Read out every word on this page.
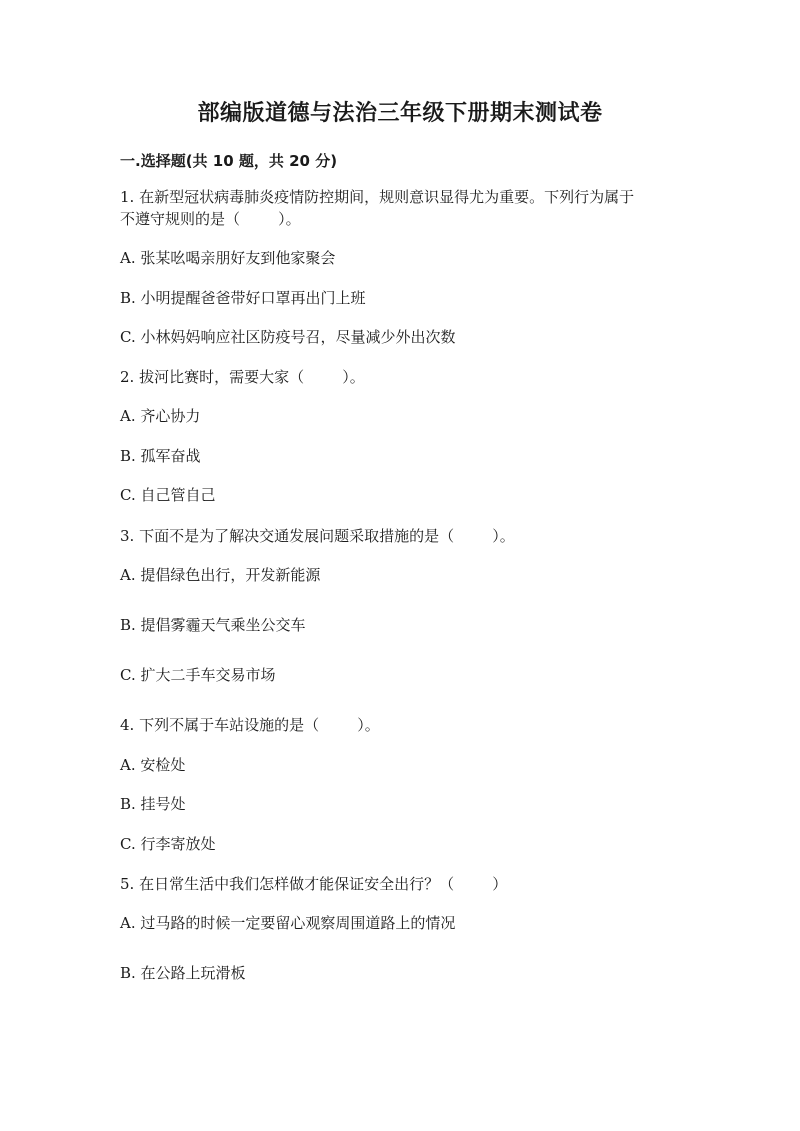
部编版道德与法治三年级下册期末测试卷

一.选择题(共 10 题，共 20 分)

1. 在新型冠状病毒肺炎疫情防控期间，规则意识显得尤为重要。下列行为属于

不遵守规则的是（        ）。

A. 张某吆喝亲朋好友到他家聚会

B. 小明提醒爸爸带好口罩再出门上班

C. 小林妈妈响应社区防疫号召，尽量减少外出次数

2. 拔河比赛时，需要大家（        ）。

A. 齐心协力

B. 孤军奋战

C. 自己管自己

3. 下面不是为了解决交通发展问题采取措施的是（        ）。

A. 提倡绿色出行，开发新能源

B. 提倡雾霾天气乘坐公交车

C. 扩大二手车交易市场

4. 下列不属于车站设施的是（        ）。

A. 安检处

B. 挂号处

C. 行李寄放处

5. 在日常生活中我们怎样做才能保证安全出行？（        ）

A. 过马路的时候一定要留心观察周围道路上的情况

B. 在公路上玩滑板
